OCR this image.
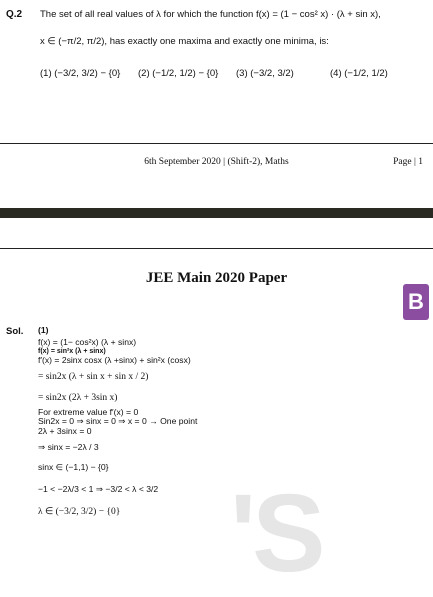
Q.2 The set of all real values of λ for which the function f(x) = (1 − cos² x) · (λ + sin x),
x ∈ (−π/2, π/2), has exactly one maxima and exactly one minima, is:
(1) (−3/2, 3/2) − {0} (2) (−1/2, 1/2) − {0} (3) (−3/2, 3/2)	(4) (−1/2, 1/2)
6th September 2020 | (Shift-2), Maths	Page | 1
JEE Main 2020 Paper
B
'S
Sol. (1)
f(x) = (1− cos²x) (λ + sinx)
f(x) = sin²x (λ + sinx)
f′(x) = 2sinx cosx (λ +sinx) + sin²x (cosx)
= sin2x (λ + sin x + sin x / 2)
= sin2x (2λ + 3sin x)
For extreme value f′(x) = 0
Sin2x = 0 ⇒ sinx = 0 ⇒ x = 0 → One point
2λ + 3sinx = 0
⇒ sinx = −2λ / 3
sinx ∈ (−1,1) − {0}
−1 < −2λ/3 < 1 ⇒ −3/2 < λ < 3/2
λ ∈ (−3/2, 3/2) − {0}
